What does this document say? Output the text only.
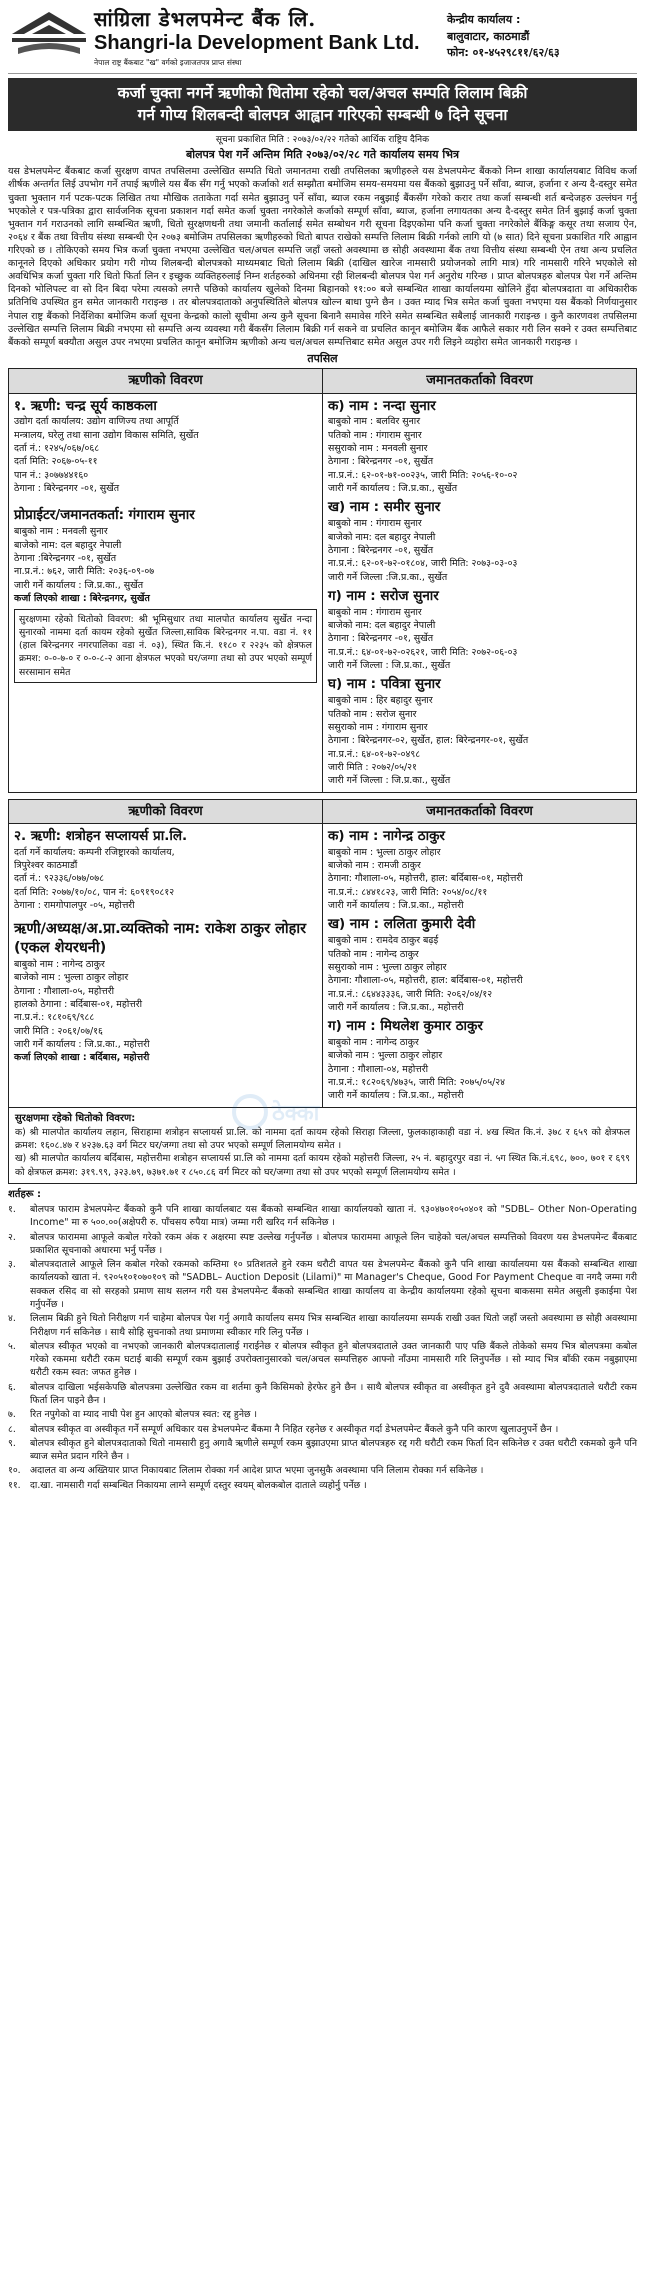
सांग्रिला डेभलपमेन्ट बैंक लि.
Shangri-la Development Bank Ltd.
नेपाल राष्ट्र बैंकबाट "ख" वर्गको इजाजतपत्र प्राप्त संस्था
केन्द्रीय कार्यालय :
बालुवाटार, काठमाडौं
फोन: ०१-४५२९८११/६२/६३
कर्जा चुक्ता नगर्ने ऋणीको धितोमा रहेको चल/अचल सम्पति लिलाम बिक्री
गर्न गोप्य शिलबन्दी बोलपत्र आह्वान गरिएको सम्बन्धी ७ दिने सूचना
सूचना प्रकाशित मिति : २०७३/०२/२२ गतेको आर्थिक राष्ट्रिय दैनिक
बोलपत्र पेश गर्ने अन्तिम मिति २०७३/०२/२८ गते कार्यालय समय भित्र

यस डेभलपमेन्ट बैंकबाट कर्जा सुरक्षण वापत तपसिलमा उल्लेखित सम्पति धितो जमानतमा राखी तपसिलका ऋणीहरुले यस डेभलपमेन्ट बैंकको निम्न शाखा कार्यालयबाट विविध कर्जा शीर्षक अन्तर्गत लिई उपभोग गर्ने तपाई ऋणीले यस बैंक सँग गर्नु भएको कर्जाको शर्त सम्झौता बमोजिम समय-समयमा यस बैंकको बुझाउनु पर्ने साँवा, ब्याज, हर्जाना र अन्य दै-दस्तुर समेत चुक्ता भुक्तान गर्न पटक-पटक लिखित तथा मौखिक तताकेता गर्दा समेत बुझाउनु पर्ने साँवा, ब्याज रकम नबुझाई बैंकसँग गरेको करार तथा कर्जा सम्बन्धी शर्त बन्देजहरु उल्लंघन गर्नु भएकोले र पत्र-पत्रिका द्वारा सार्वजनिक सूचना प्रकाशन गर्दा समेत कर्जा चुक्ता नगरेकोले कर्जाको सम्पूर्ण साँवा, ब्याज, हर्जाना लगायतका अन्य दै-दस्तुर समेत तिर्न बुझाई कर्जा चुक्ता भुक्तान गर्न गराउनको लागि सम्बन्धित ऋणी, धितो सुरक्षणधनी तथा जमानी कर्तालाई समेत सम्बोधन गरी सूचना दिइएकोमा पनि कर्जा चुक्ता नगरेकोले बैंकिङ्ग कसूर तथा सजाय ऐन, २०६४ र बैंक तथा वित्तीय संस्था सम्बन्धी ऐन २०७३ बमोजिम तपसिलका ऋणीहरुको धितो बापत राखेको सम्पत्ति लिलाम बिक्री गर्नको लागि यो (७ सात) दिने सूचना प्रकाशित गरि आह्वान गरिएको छ । तोकिएको समय भित्र कर्जा चुक्ता नभएमा उल्लेखित चल/अचल सम्पत्ति जहाँ जस्तो अवस्थामा छ सोही अवस्थामा बैंक तथा वित्तीय संस्था सम्बन्धी ऐन तथा अन्य प्रचलित कानूनले दिएको अधिकार प्रयोग गरी गोप्य शिलबन्दी बोलपत्रको माध्यमबाट धितो लिलाम बिक्री (दाखिल खारेज नामसारी प्रयोजनको लागि मात्र) गरि नामसारी गरिने भएकोले सो अवधिभित्र कर्जा चुक्ता गरि धितो फिर्ता लिन र इच्छुक व्यक्तिहरुलाई निम्न शर्तहरुको अधिनमा रही शिलबन्दी बोलपत्र पेश गर्न अनुरोध गरिन्छ । प्राप्त बोलपत्रहरु बोलपत्र पेश गर्ने अन्तिम दिनको भोलिपल्ट वा सो दिन बिदा परेमा त्यसको लगत्तै पछिको कार्यालय खुलेको दिनमा बिहानको ११:०० बजे सम्बन्धित शाखा कार्यालयमा खोलिने हुँदा बोलपत्रदाता वा अधिकारीक प्रतिनिधि उपस्थित हुन समेत जानकारी गराइन्छ । तर बोलपत्रदाताको अनुपस्थितिले बोलपत्र खोल्न बाधा पुग्ने छैन । उक्त म्याद भित्र समेत कर्जा चुक्ता नभएमा यस बैंकको निर्णयानुसार नेपाल राष्ट्र बैंकको निर्देशिका बमोजिम कर्जा सूचना केन्द्रको कालो सूचीमा अन्य कुनै सूचना बिनानै समावेस गरिने समेत सम्बन्धित सबैलाई जानकारी गराइन्छ । कुनै कारणवश तपसिलमा उल्लेखित सम्पत्ति लिलाम बिक्री नभएमा सो सम्पत्ति अन्य व्यवस्था गरी बैंकसँग लिलाम बिक्री गर्न सकने वा प्रचलित कानून बमोजिम बैंक आफैले सकार गरी लिन सक्ने र उक्त सम्पत्तिबाट बैंकको सम्पूर्ण बक्यौता असुल उपर नभएमा प्रचलित कानून बमोजिम ऋणीको अन्य चल/अचल सम्पत्तिबाट समेत असुल उपर गरी लिइने व्यहोरा समेत जानकारी गराइन्छ ।

तपसिल
ऋणीको विवरण	जमानतकर्ताको विवरण
१. ऋणी: चन्द्र सूर्य काष्ठकला
उद्योग दर्ता कार्यालय: उद्योग वाणिज्य तथा आपूर्ति
मन्त्रालय, घरेलु तथा साना उद्योग विकास समिति, सुर्खेत
दर्ता नं.: १२४५/०६७/०६८
दर्ता मिति: २०६७-०५-११
पान नं.: ३०७७४४१६०
ठेगाना : बिरेन्द्रनगर -०१, सुर्खेत
प्रोप्राईटर/जमानतकर्ता: गंगाराम सुनार
बाबुको नाम : मनवली सुनार
बाजेको नाम: दल बहादुर नेपाली
ठेगाना :बिरेन्द्रनगर -०१, सुर्खेत
ना.प्र.नं.: ७६२, जारी मिति: २०३६-०९-०७
जारी गर्ने कार्यालय : जि.प्र.का., सुर्खेत
कर्जा लिएको शाखा : बिरेन्द्रनगर, सुर्खेत
सुरक्षणमा रहेको धितोको विवरण: श्री भूमिसुधार तथा मालपोत कार्यालय सुर्खेत नन्दा सुनारको नाममा दर्ता कायम रहेको सुर्खेत जिल्ला,साविक बिरेन्द्रनगर न.पा. वडा नं. ११ (हाल बिरेन्द्रनगर नगरपालिका वडा नं. ०३), स्थित कि.नं. ११८० र २२३५ को क्षेत्रफल क्रमश: ०-०-७-० र ०-०-८-२ आना क्षेत्रफल भएको घर/जग्गा तथा सो उपर भएको सम्पूर्ण सरसामान समेत
क) नाम : नन्दा सुनार
बाबुको नाम : बलविर सुनार
पतिको नाम : गंगाराम सुनार
ससुराको नाम : मनवली सुनार
ठेगाना : बिरेन्द्रनगर -०१, सुर्खेत
ना.प्र.नं.: ६२-०१-७१-००२३५, जारी मिति: २०५६-१०-०२
जारी गर्ने कार्यालय : जि.प्र.का., सुर्खेत
ख) नाम : समीर सुनार
बाबुको नाम : गंगाराम सुनार
बाजेको नाम: दल बहादुर नेपाली
ठेगाना : बिरेन्द्रनगर -०१, सुर्खेत
ना.प्र.नं.: ६२-०१-७२-०१८०४, जारी मिति: २०७३-०३-०३
जारी गर्ने जिल्ला :जि.प्र.का., सुर्खेत
ग) नाम : सरोज सुनार
बाबुको नाम : गंगाराम सुनार
बाजेको नाम: दल बहादुर नेपाली
ठेगाना : बिरेन्द्रनगर -०१, सुर्खेत
ना.प्र.नं.: ६४-०१-७२-०२६२१, जारी मिति: २०७२-०६-०३
जारी गर्ने जिल्ला : जि.प्र.का., सुर्खेत
घ) नाम : पवित्रा सुनार
बाबुको नाम : हिर बहादुर सुनार
पतिको नाम : सरोज सुनार
ससुराको नाम : गंगाराम सुनार
ठेगाना : बिरेन्द्रनगर-०२, सुर्खेत, हाल: बिरेन्द्रनगर-०१, सुर्खेत
ना.प्र.नं.: ६४-०१-७२-०४९८
जारी मिति : २०७२/०५/२१
जारी गर्ने जिल्ला : जि.प्र.का., सुर्खेत
ठेक्का
ऋणीको विवरण	जमानतकर्ताको विवरण
२. ऋणी: शत्रोहन सप्लायर्स प्रा.लि.
दर्ता गर्ने कार्यालय: कम्पनी रजिष्ट्रारको कार्यालय,
त्रिपुरेश्वर काठमाडौं
दर्ता नं.: ९२३३६/०७७/०७८
दर्ता मिति: २०७७/१०/०८, पान नं: ६०९१९०८१२
ठेगाना : रामगोपालपुर -०५, महोत्तरी
ऋणी/अध्यक्ष/अ.प्रा.व्यक्तिको नाम: राकेश ठाकुर लोहार (एकल शेयरधनी)
बाबुको नाम : नागेन्द ठाकुर
बाजेको नाम : भुल्ला ठाकुर लोहार
ठेगाना : गौशाला-०५, महोत्तरी
हालको ठेगाना : बर्दिबास-०१, महोत्तरी
ना.प्र.नं.: १८१०६९/९८८
जारी मिति : २०६१/०७/१६
जारी गर्ने कार्यालय : जि.प्र.का., महोत्तरी
कर्जा लिएको शाखा : बर्दिबास, महोत्तरी
क) नाम : नागेन्द्र ठाकुर
बाबुको नाम : भुल्ला ठाकुर लोहार
बाजेको नाम : रामजी ठाकुर
ठेगाना: गौशाला-०५, महोत्तरी, हाल: बर्दिबास-०१, महोत्तरी
ना.प्र.नं.: ८४४१८२३, जारी मिति: २०५४/०८/११
जारी गर्ने कार्यालय : जि.प्र.का., महोत्तरी
ख) नाम : ललिता कुमारी देवी
बाबुको नाम : रामदेव ठाकुर बढ़ई
पतिको नाम : नागेन्द ठाकुर
ससुराको नाम : भुल्ला ठाकुर लोहार
ठेगाना: गौशाला-०५, महोत्तरी, हाल: बर्दिबास-०१, महोत्तरी
ना.प्र.नं.: ८६४४३३३६, जारी मिति: २०६२/०४/१२
जारी गर्ने कार्यालय : जि.प्र.का., महोत्तरी
ग) नाम : मिथलेश कुमार ठाकुर
बाबुको नाम : नागेन्द ठाकुर
बाजेको नाम : भुल्ला ठाकुर लोहार
ठेगाना : गौशाला-०४, महोत्तरी
ना.प्र.नं.: १८२०६९/४७३५, जारी मिति: २०७५/०५/२४
जारी गर्ने कार्यालय : जि.प्र.का., महोत्तरी
सुरक्षणमा रहेको धितोको विवरण:
क) श्री मालपोत कार्यालय लहान, सिराहामा शत्रोहन सप्लायर्स प्रा.लि. को नाममा दर्ता कायम रहेको सिराहा जिल्ला, फुलकाहाकाही वडा नं. ४ख स्थित कि.नं. ३७८ र ६५९ को क्षेत्रफल क्रमश: १६०८.४७ र ४२३७.६३ वर्ग मिटर घर/जग्गा तथा सो उपर भएको सम्पूर्ण लिलामयोग्य समेत ।
ख) श्री मालपोत कार्यालय बर्दिबास, महोत्तरीमा शत्रोहन सप्लायर्स प्रा.लि को नाममा दर्ता कायम रहेको महोत्तरी जिल्ला, २५ नं. बहादुरपुर वडा नं. ५ग स्थित कि.नं.६९८, ७००, ७०१ र ६९९ को क्षेत्रफल क्रमश: ३१९.९९, ३२३.७९, ७३७१.७१ र ८५०.८६ वर्ग मिटर को घर/जग्गा तथा सो उपर भएको सम्पूर्ण लिलामयोग्य समेत ।
शर्तहरू :
१.	बोलपत्र फाराम डेभलपमेन्ट बैंकको कुनै पनि शाखा कार्यालबाट यस बैंकको सम्बन्धित शाखा कार्यालयको खाता नं. ९३०४७०१०५०४०१ को "SDBL– Other Non-Operating Income" मा रु ५००.००(अक्षेपरी रु. पाँचसय रुपैया मात्र) जम्मा गरी खरिद गर्न सकिनेछ ।
२.	बोलपत्र फाराममा आफूले कबोल गरेको रकम अंक र अक्षरमा स्पष्ट उल्लेख गर्नुपर्नेछ । बोलपत्र फाराममा आफूले लिन चाहेको चल/अचल सम्पत्तिको विवरण यस डेभलपमेन्ट बैंकबाट प्रकाशित सूचनाको अधारमा भर्नु पर्नेछ ।
३.	बोलपत्रदाताले आफूले लिन कबोल गरेको रकमको कम्तिमा १० प्रतिशतले हुने रकम धरौटी वापत यस डेभलपमेन्ट बैंकको कुनै पनि शाखा कार्यालयमा यस बैंकको सम्बन्धित शाखा कार्यालयको खाता नं. ९२०५१०१०७०१०९ को "SADBL– Auction Deposit (Lilami)" मा Manager's Cheque, Good For Payment Cheque वा नगदै जम्मा गरी सक्कल रसिद वा सो सरहको प्रमाण साथ सलग्न गरी यस डेभलपमेन्ट बैंकको सम्बन्धित शाखा कार्यालय वा केन्द्रीय कार्यालयमा रहेको सूचना बाकसमा समेत असुली इकाईमा पेश गर्नुपर्नेछ ।
४.	लिलाम बिक्री हुने धितो निरीक्षण गर्न चाहेमा बोलपत्र पेश गर्नु अगावै कार्यालय समय भित्र सम्बन्धित शाखा कार्यालयमा सम्पर्क राखी उक्त धितो जहाँ जस्तो अवस्थामा छ सोही अवस्थामा निरीक्षण गर्न सकिनेछ । साथै सोहि सुचनाको तथा प्रमाणमा स्वीकार गरि लिनु पर्नेछ ।
५.	बोलपत्र स्वीकृत भएको वा नभएको जानकारी बोलपत्रदातालाई गराईनेछ र बोलपत्र स्वीकृत हुने बोलपत्रदाताले उक्त जानकारी पाए पछि बैंकले तोकेको समय भित्र बोलपत्रमा कबोल गरेको रकममा धरौटी रकम घटाई बाकी सम्पूर्ण रकम बुझाई उपरोक्तानुसारको चल/अचल सम्पत्तिहरु आफ्नो नाँउमा नामसारी गरि लिनुपर्नेछ । सो म्याद भित्र बाँकी रकम नबुझाएमा धरौटी रकम स्वत: जफत हुनेछ ।
६.	बोलपत्र दाखिला भईसकेपछि बोलपत्रमा उल्लेखित रकम वा शर्तमा कुनै किसिमको हेरफेर हुने छैन । साथै बोलपत्र स्वीकृत वा अस्वीकृत हुने दुवै अवस्थामा बोलपत्रदाताले धरौटी रकम फिर्ता लिन पाइने छैन ।
७.	रित नपुगेको वा म्याद नाघी पेश हुन आएको बोलपत्र स्वत: रद्द हुनेछ ।
८.	बोलपत्र स्वीकृत वा अस्वीकृत गर्ने सम्पूर्ण अधिकार यस डेभलपमेन्ट बैंकमा नै निहित रहनेछ र अस्वीकृत गर्दा डेभलपमेन्ट बैंकले कुनै पनि कारण खुलाउनुपर्ने छैन ।
९.	बोलपत्र स्वीकृत हुने बोलपत्रदाताको धितो नामसारी हुनु अगावै ऋणीले सम्पूर्ण रकम बुझाउएमा प्राप्त बोलपत्रहरु रद्द गरी धरौटी रकम फिर्ता दिन सकिनेछ र उक्त धरौटी रकमको कुनै पनि ब्याज समेत प्रदान गरिने छैन ।
१०.	अदालत वा अन्य अख्तियार प्राप्त निकायबाट लिलाम रोक्का गर्न आदेश प्राप्त भएमा जुनसुकै अवस्थामा पनि लिलाम रोक्का गर्न सकिनेछ ।
११.	दा.खा. नामसारी गर्दा सम्बन्धित निकायमा लाग्ने सम्पूर्ण दस्तुर स्वयम् बोलकबोल दाताले व्यहोर्नु पर्नेछ ।
